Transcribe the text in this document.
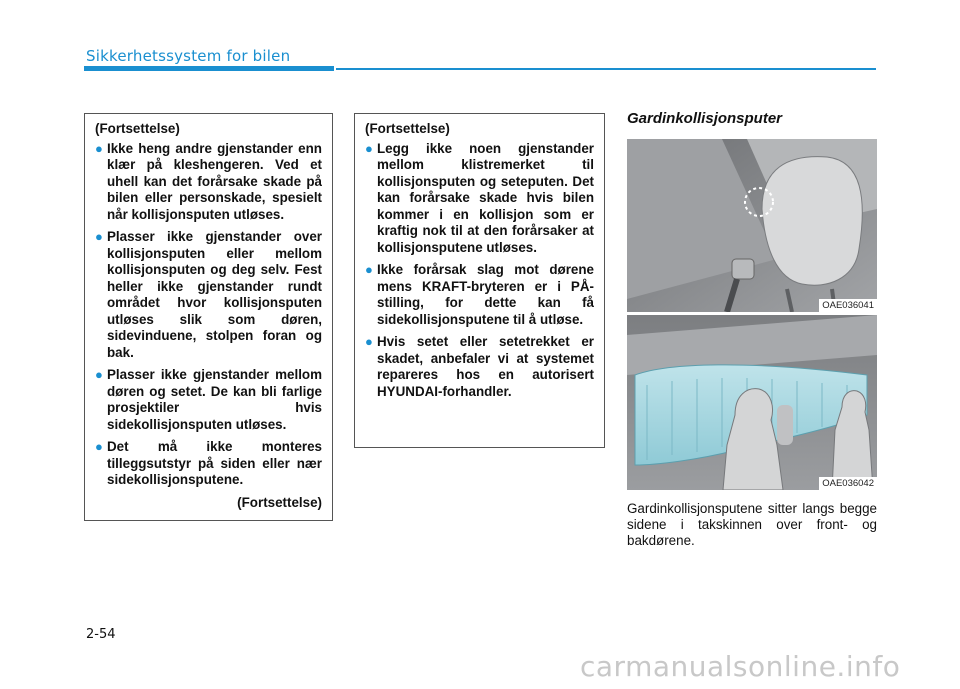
Sikkerhetssystem for bilen
(Fortsettelse)
● Ikke heng andre gjenstander enn klær på kleshengeren. Ved et uhell kan det forårsake skade på bilen eller personskade, spesielt når kollisjonsputen utløses.
● Plasser ikke gjenstander over kollisjonsputen eller mellom kollisjonsputen og deg selv. Fest heller ikke gjenstander rundt området hvor kollisjonsputen utløses slik som døren, sidevinduene, stolpen foran og bak.
● Plasser ikke gjenstander mellom døren og setet. De kan bli farlige prosjektiler hvis sidekollisjonsputen utløses.
● Det må ikke monteres tilleggsutstyr på siden eller nær sidekollisjonsputene.
(Fortsettelse)
(Fortsettelse)
● Legg ikke noen gjenstander mellom klistremerket til kollisjonsputen og seteputen. Det kan forårsake skade hvis bilen kommer i en kollisjon som er kraftig nok til at den forårsaker at kollisjonsputene utløses.
● Ikke forårsak slag mot dørene mens KRAFT-bryteren er i PÅ-stilling, for dette kan få sidekollisjonsputene til å utløse.
● Hvis setet eller setetrekket er skadet, anbefaler vi at systemet repareres hos en autorisert HYUNDAI-forhandler.
Gardinkollisjonsputer
OAE036041
OAE036042
Gardinkollisjonsputene sitter langs begge sidene i takskinnen over front- og bakdørene.
2-54
carmanualsonline.info
